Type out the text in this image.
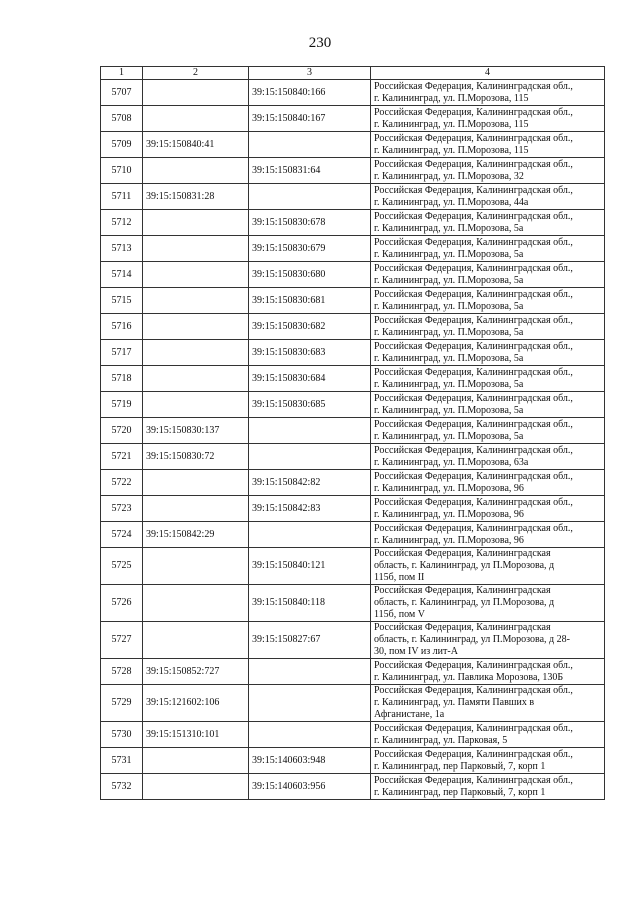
230
1	2	3	4
5707		39:15:150840:166	Российская Федерация, Калининградская обл.,
г. Калининград, ул. П.Морозова, 115

5708		39:15:150840:167	Российская Федерация, Калининградская обл.,
г. Калининград, ул. П.Морозова, 115

5709	39:15:150840:41		Российская Федерация, Калининградская обл.,
г. Калининград, ул. П.Морозова, 115

5710		39:15:150831:64	Российская Федерация, Калининградская обл.,
г. Калининград, ул. П.Морозова, 32

5711	39:15:150831:28		Российская Федерация, Калининградская обл.,
г. Калининград, ул. П.Морозова, 44а

5712		39:15:150830:678	Российская Федерация, Калининградская обл.,
г. Калининград, ул. П.Морозова, 5а

5713		39:15:150830:679	Российская Федерация, Калининградская обл.,
г. Калининград, ул. П.Морозова, 5а

5714		39:15:150830:680	Российская Федерация, Калининградская обл.,
г. Калининград, ул. П.Морозова, 5а

5715		39:15:150830:681	Российская Федерация, Калининградская обл.,
г. Калининград, ул. П.Морозова, 5а

5716		39:15:150830:682	Российская Федерация, Калининградская обл.,
г. Калининград, ул. П.Морозова, 5а

5717		39:15:150830:683	Российская Федерация, Калининградская обл.,
г. Калининград, ул. П.Морозова, 5а

5718		39:15:150830:684	Российская Федерация, Калининградская обл.,
г. Калининград, ул. П.Морозова, 5а

5719		39:15:150830:685	Российская Федерация, Калининградская обл.,
г. Калининград, ул. П.Морозова, 5а

5720	39:15:150830:137		Российская Федерация, Калининградская обл.,
г. Калининград, ул. П.Морозова, 5а

5721	39:15:150830:72		Российская Федерация, Калининградская обл.,
г. Калининград, ул. П.Морозова, 63а

5722		39:15:150842:82	Российская Федерация, Калининградская обл.,
г. Калининград, ул. П.Морозова, 96

5723		39:15:150842:83	Российская Федерация, Калининградская обл.,
г. Калининград, ул. П.Морозова, 96

5724	39:15:150842:29		Российская Федерация, Калининградская обл.,
г. Калининград, ул. П.Морозова, 96

5725		39:15:150840:121	Российская Федерация, Калининградская
область, г. Калининград, ул П.Морозова, д
115б, пом II

5726		39:15:150840:118	Российская Федерация, Калининградская
область, г. Калининград, ул П.Морозова, д
115б, пом V

5727		39:15:150827:67	Российская Федерация, Калининградская
область, г. Калининград, ул П.Морозова, д 28-
30, пом IV из лит-А

5728	39:15:150852:727		Российская Федерация, Калининградская обл.,
г. Калининград, ул. Павлика Морозова, 130Б

5729	39:15:121602:106		Российская Федерация, Калининградская обл.,
г. Калининград, ул. Памяти Павших в
Афганистане, 1а

5730	39:15:151310:101		Российская Федерация, Калининградская обл.,
г. Калининград, ул. Парковая, 5

5731		39:15:140603:948	Российская Федерация, Калининградская обл.,
г. Калининград, пер Парковый, 7, корп 1

5732		39:15:140603:956	Российская Федерация, Калининградская обл.,
г. Калининград, пер Парковый, 7, корп 1
